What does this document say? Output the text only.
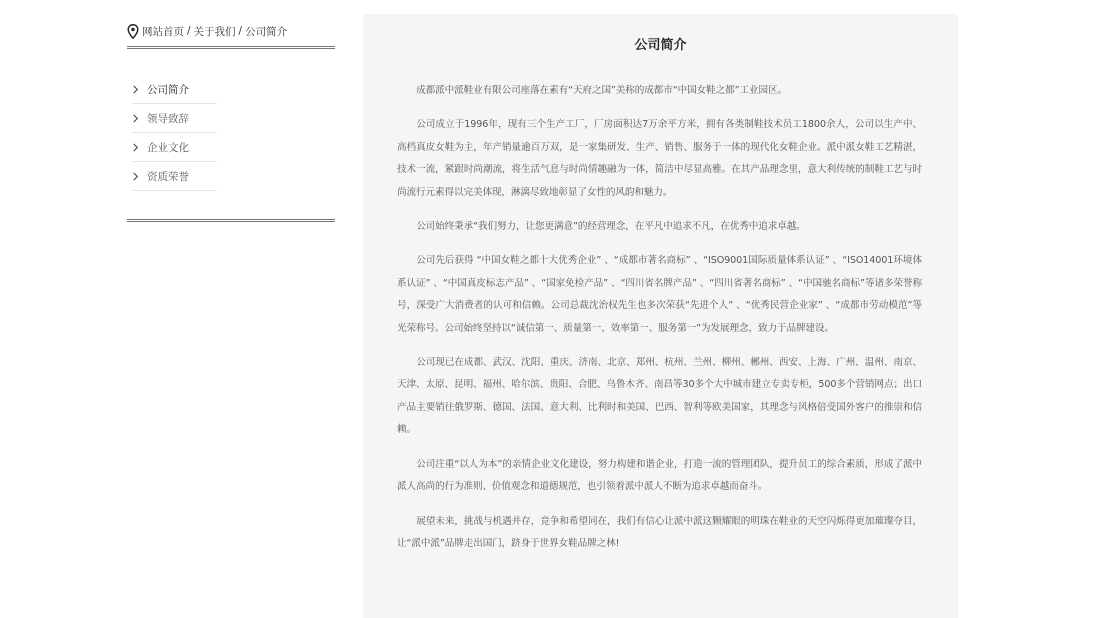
网站首页 / 关于我们 / 公司简介
公司简介
领导致辞
企业文化
资质荣誉
公司简介

成都派中派鞋业有限公司座落在素有“天府之国”美称的成都市“中国女鞋之都”工业园区。

公司成立于1996年，现有三个生产工厂，厂房面积达7万余平方米，拥有各类制鞋技术员工1800余人，公司以生产中、高档真皮女鞋为主，年产销量逾百万双，是一家集研发、生产、销售、服务于一体的现代化女鞋企业。派中派女鞋工艺精湛，技术一流，紧跟时尚潮流，将生活气息与时尚情趣融为一体，简洁中尽显高雅。在其产品理念里，意大利传统的制鞋工艺与时尚流行元素得以完美体现，淋漓尽致地彰显了女性的风韵和魅力。

公司始终秉承“我们努力，让您更满意”的经营理念，在平凡中追求不凡，在优秀中追求卓越。

公司先后获得 “中国女鞋之都十大优秀企业” 、“成都市著名商标” 、“ISO9001国际质量体系认证” 、“ISO14001环境体系认证” 、“中国真皮标志产品” 、“国家免检产品” 、“四川省名牌产品” 、“四川省著名商标” 、“中国驰名商标”等诸多荣誉称号，深受广大消费者的认可和信赖。公司总裁沈治权先生也多次荣获“先进个人” 、“优秀民营企业家” 、“成都市劳动模范”等光荣称号。公司始终坚持以“诚信第一、质量第一、效率第一、服务第一”为发展理念，致力于品牌建设。

公司现已在成都、武汉、沈阳、重庆、济南、北京、郑州、杭州、兰州、柳州、郴州、西安、上海、广州、温州、南京、天津、太原、昆明、福州、哈尔滨、贵阳、合肥、乌鲁木齐、南昌等30多个大中城市建立专卖专柜，500多个营销网点；出口产品主要销往俄罗斯、德国、法国、意大利、比利时和美国、巴西、智利等欧美国家，其理念与风格倍受国外客户的推崇和信赖。

公司注重“以人为本”的亲情企业文化建设，努力构建和谐企业，打造一流的管理团队，提升员工的综合素质，形成了派中派人高尚的行为准则、价值观念和道德规范，也引领着派中派人不断为追求卓越而奋斗。

展望未来，挑战与机遇并存，竞争和希望同在，我们有信心让派中派这颗耀眼的明珠在鞋业的天空闪烁得更加璀璨夺目，让“派中派”品牌走出国门，跻身于世界女鞋品牌之林!
